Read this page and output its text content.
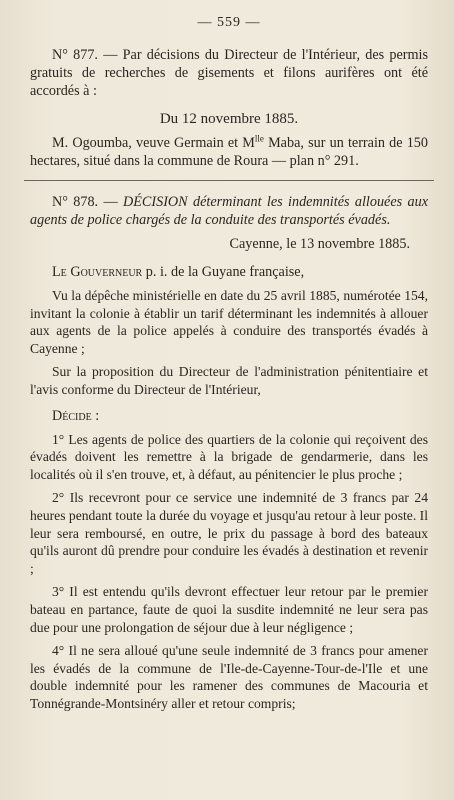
— 559 —

N° 877. — Par décisions du Directeur de l'Intérieur, des permis gratuits de recherches de gisements et filons aurifères ont été accordés à :

Du 12 novembre 1885.

M. Ogoumba, veuve Germain et $M^{lle}$ Maba, sur un terrain de 150 hectares, situé dans la commune de Roura — plan n° 291.

N° 878. — DÉCISION déterminant les indemnités allouées aux agents de police chargés de la conduite des transportés évadés.

Cayenne, le 13 novembre 1885.

Le Gouverneur p. i. de la Guyane française,

Vu la dépêche ministérielle en date du 25 avril 1885, numérotée 154, invitant la colonie à établir un tarif déterminant les indemnités à allouer aux agents de la police appelés à conduire des transportés évadés à Cayenne ;

Sur la proposition du Directeur de l'administration pénitentiaire et l'avis conforme du Directeur de l'Intérieur,

Décide :

1° Les agents de police des quartiers de la colonie qui reçoivent des évadés doivent les remettre à la brigade de gendarmerie, dans les localités où il s'en trouve, et, à défaut, au pénitencier le plus proche ;

2° Ils recevront pour ce service une indemnité de 3 francs par 24 heures pendant toute la durée du voyage et jusqu'au retour à leur poste. Il leur sera remboursé, en outre, le prix du passage à bord des bateaux qu'ils auront dû prendre pour conduire les évadés à destination et revenir ;

3° Il est entendu qu'ils devront effectuer leur retour par le premier bateau en partance, faute de quoi la susdite indemnité ne leur sera pas due pour une prolongation de séjour due à leur négligence ;

4° Il ne sera alloué qu'une seule indemnité de 3 francs pour amener les évadés de la commune de l'Ile-de-Cayenne-Tour-de-l'Ile et une double indemnité pour les ramener des communes de Macouria et Tonnégrande-Montsinéry aller et retour compris;
